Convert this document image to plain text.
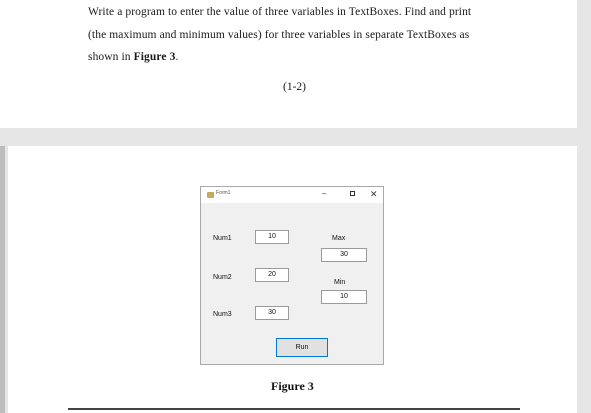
Write a program to enter the value of three variables in TextBoxes. Find and print
(the maximum and minimum values) for three variables in separate TextBoxes as
shown in Figure 3.
(1-2)
Form1	–	✕
Num1	10
Num2	20
Num3	30
Max
30
Min
10
Run
Figure 3
